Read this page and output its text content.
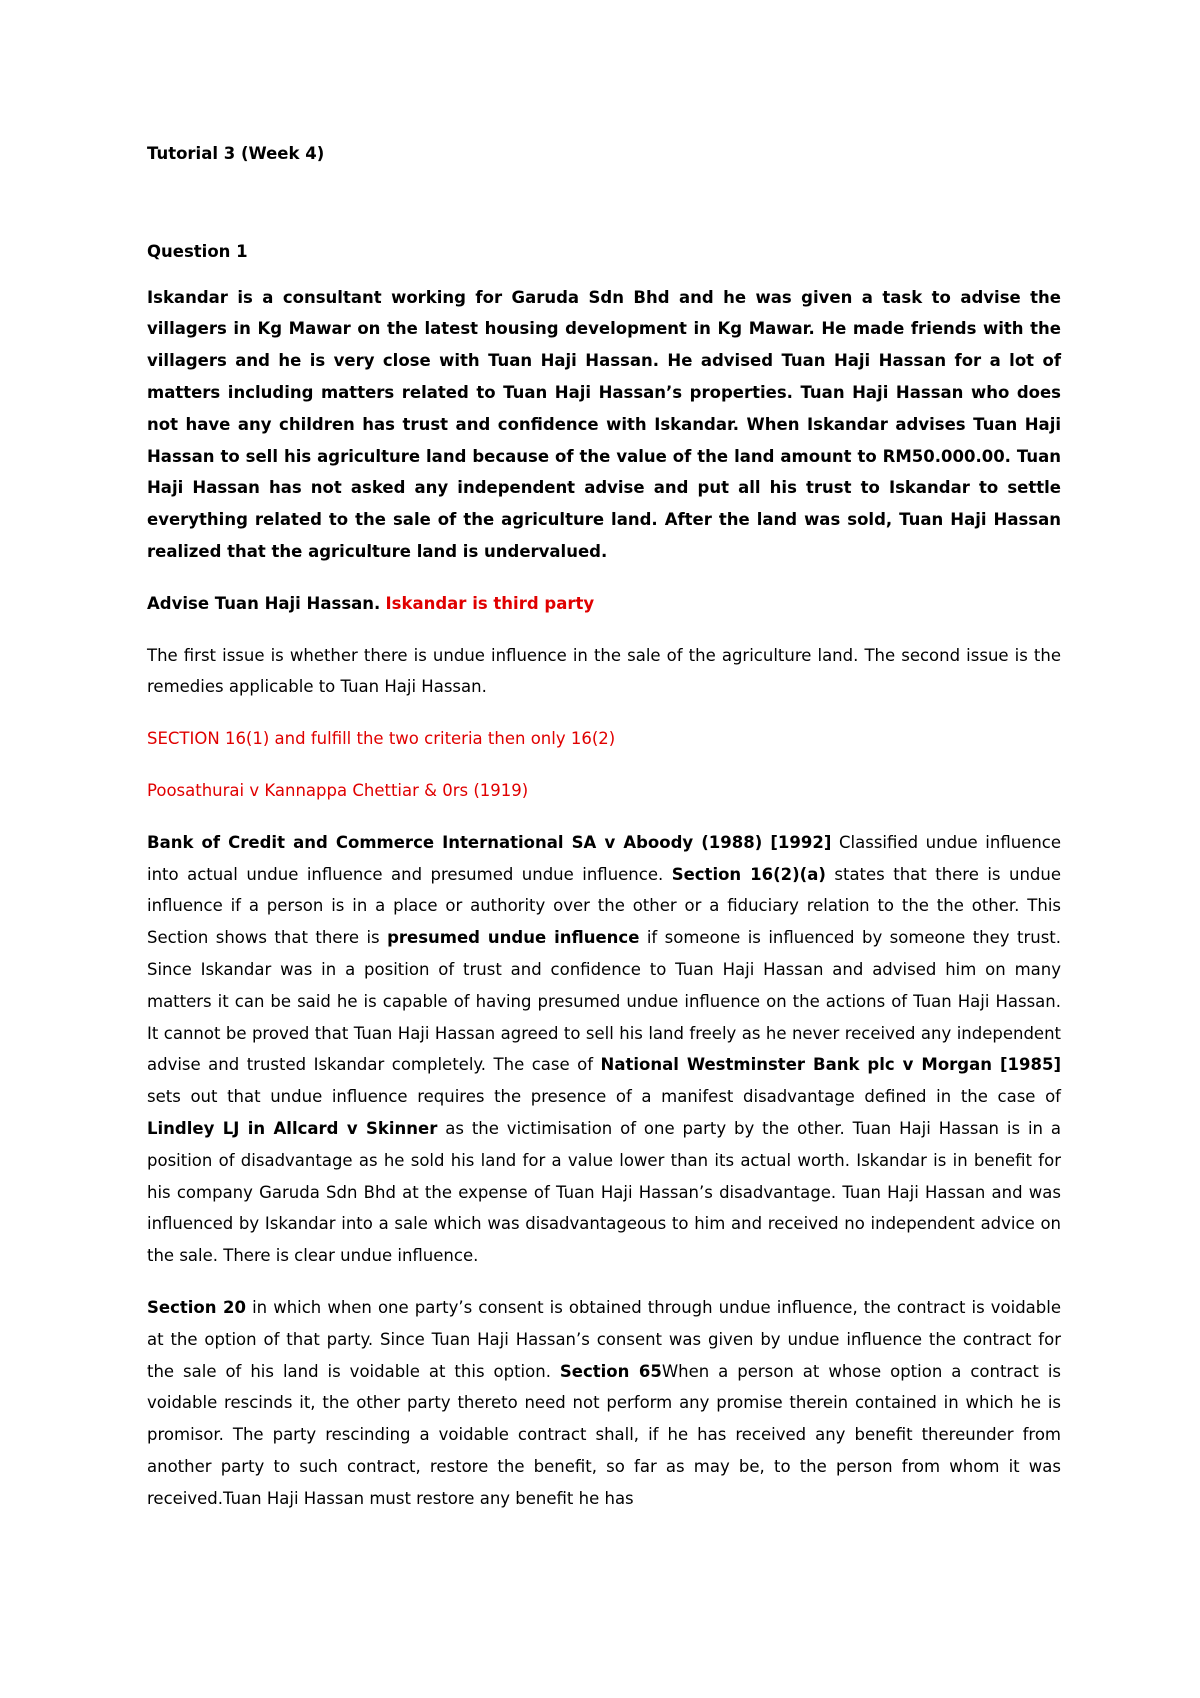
Tutorial 3 (Week 4)
Question 1

Iskandar is a consultant working for Garuda Sdn Bhd and he was given a task to advise the villagers in Kg Mawar on the latest housing development in Kg Mawar. He made friends with the villagers and he is very close with Tuan Haji Hassan. He advised Tuan Haji Hassan for a lot of matters including matters related to Tuan Haji Hassan’s properties. Tuan Haji Hassan who does not have any children has trust and confidence with Iskandar. When Iskandar advises Tuan Haji Hassan to sell his agriculture land because of the value of the land amount to RM50.000.00. Tuan Haji Hassan has not asked any independent advise and put all his trust to Iskandar to settle everything related to the sale of the agriculture land. After the land was sold, Tuan Haji Hassan realized that the agriculture land is undervalued.

Advise Tuan Haji Hassan. Iskandar is third party

The first issue is whether there is undue influence in the sale of the agriculture land. The second issue is the remedies applicable to Tuan Haji Hassan.

SECTION 16(1) and fulfill the two criteria then only 16(2)

Poosathurai v Kannappa Chettiar & 0rs (1919)

Bank of Credit and Commerce International SA v Aboody (1988) [1992] Classified undue influence into actual undue influence and presumed undue influence. Section 16(2)(a) states that there is undue influence if a person is in a place or authority over the other or a fiduciary relation to the the other. This Section shows that there is presumed undue influence if someone is influenced by someone they trust. Since Iskandar was in a position of trust and confidence to Tuan Haji Hassan and advised him on many matters it can be said he is capable of having presumed undue influence on the actions of Tuan Haji Hassan. It cannot be proved that Tuan Haji Hassan agreed to sell his land freely as he never received any independent advise and trusted Iskandar completely. The case of National Westminster Bank plc v Morgan [1985] sets out that undue influence requires the presence of a manifest disadvantage defined in the case of Lindley LJ in Allcard v Skinner as the victimisation of one party by the other. Tuan Haji Hassan is in a position of disadvantage as he sold his land for a value lower than its actual worth. Iskandar is in benefit for his company Garuda Sdn Bhd at the expense of Tuan Haji Hassan’s disadvantage. Tuan Haji Hassan and was influenced by Iskandar into a sale which was disadvantageous to him and received no independent advice on the sale. There is clear undue influence.

Section 20 in which when one party’s consent is obtained through undue influence, the contract is voidable at the option of that party. Since Tuan Haji Hassan’s consent was given by undue influence the contract for the sale of his land is voidable at this option. Section 65When a person at whose option a contract is voidable rescinds it, the other party thereto need not perform any promise therein contained in which he is promisor. The party rescinding a voidable contract shall, if he has received any benefit thereunder from another party to such contract, restore the benefit, so far as may be, to the person from whom it was received.Tuan Haji Hassan must restore any benefit he has
